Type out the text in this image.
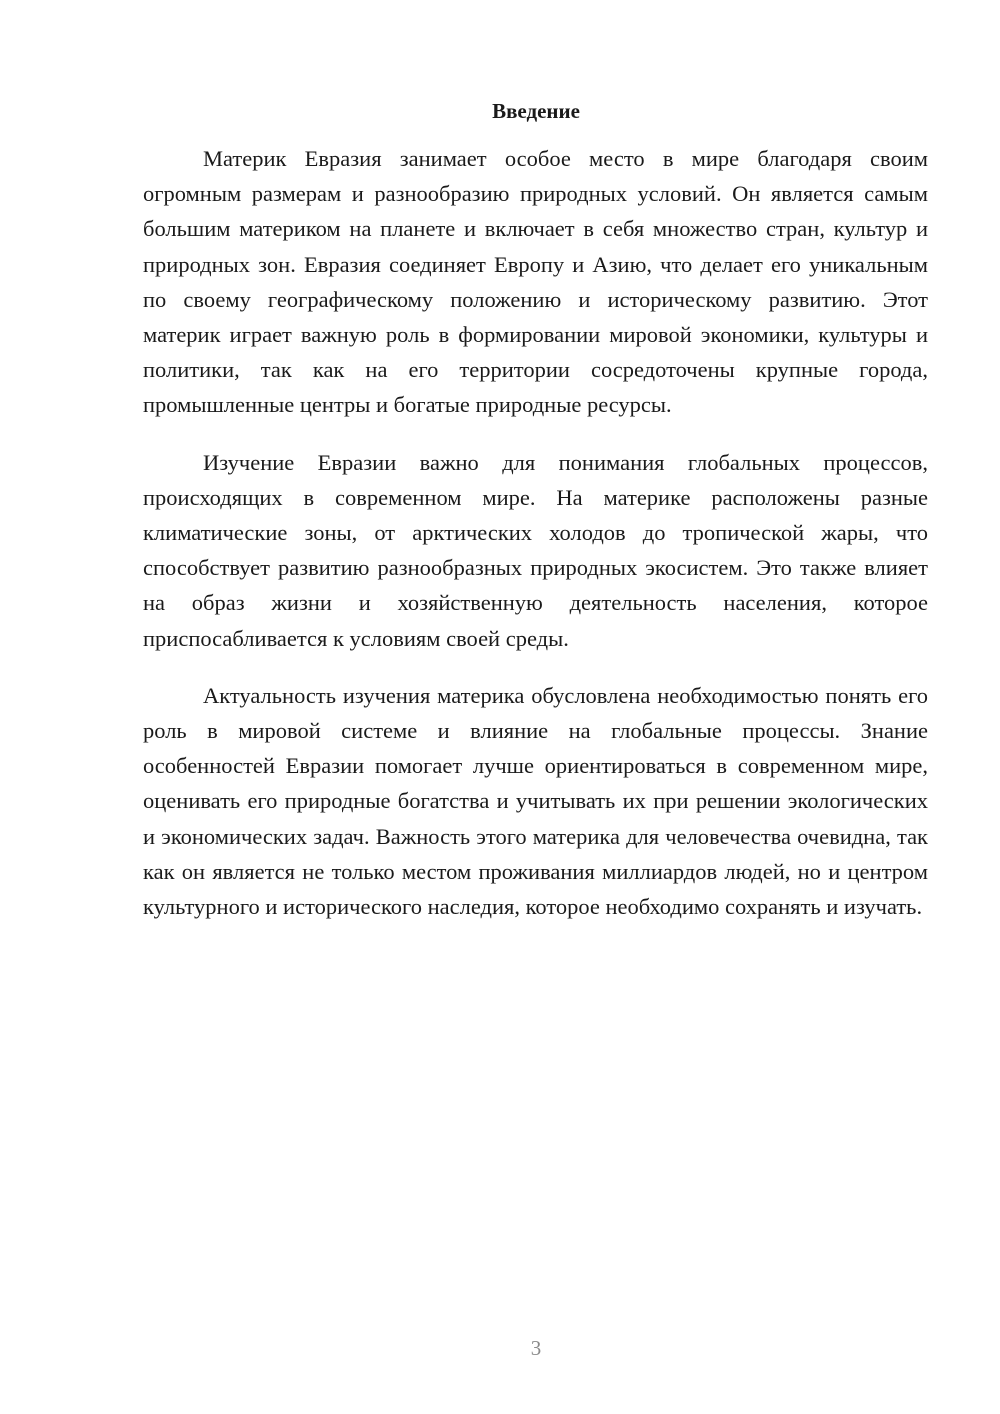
Введение

Материк Евразия занимает особое место в мире благодаря своим огромным размерам и разнообразию природных условий. Он является самым большим материком на планете и включает в себя множество стран, культур и природных зон. Евразия соединяет Европу и Азию, что делает его уникальным по своему географическому положению и историческому развитию. Этот материк играет важную роль в формировании мировой экономики, культуры и политики, так как на его территории сосредоточены крупные города, промышленные центры и богатые природные ресурсы.

Изучение Евразии важно для понимания глобальных процессов, происходящих в современном мире. На материке расположены разные климатические зоны, от арктических холодов до тропической жары, что способствует развитию разнообразных природных экосистем. Это также влияет на образ жизни и хозяйственную деятельность населения, которое приспосабливается к условиям своей среды.

Актуальность изучения материка обусловлена необходимостью понять его роль в мировой системе и влияние на глобальные процессы. Знание особенностей Евразии помогает лучше ориентироваться в современном мире, оценивать его природные богатства и учитывать их при решении экологических и экономических задач. Важность этого материка для человечества очевидна, так как он является не только местом проживания миллиардов людей, но и центром культурного и исторического наследия, которое необходимо сохранять и изучать.

3
